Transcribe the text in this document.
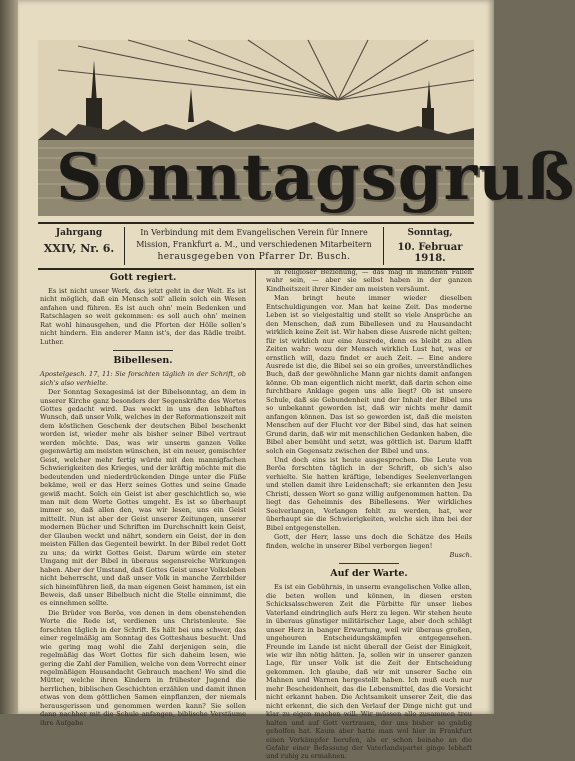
Sonntagsgruß
Jahrgang
XXIV, Nr. 6.
In Verbindung mit dem Evangelischen Verein für Innere
Mission, Frankfurt a. M., und verschiedenen Mitarbeitern
herausgegeben von Pfarrer Dr. Busch.
Sonntag,
10. Februar 1918.
Gott regiert.

Es ist nicht unser Werk, das jetzt geht in der Welt. Es ist nicht möglich, daß ein Mensch soll' allein solch ein Wesen anfahen und führen. Es ist auch ohn' mein Bedenken und Ratschlagen so weit gekommen: es soll auch ohn' meinen Rat wohl hinausgehen, und die Pforten der Hölle sollen's nicht hindern. Ein anderer Mann ist's, der das Rädle treibt. Luther.

Bibellesen.

Apostelgesch. 17, 11: Sie forschten täglich in der Schrift, ob sich's also verhielte.

Der Sonntag Sexagesimä ist der Bibelsonntag, an dem in unserer Kirche ganz besonders der Segenskräfte des Wortes Gottes gedacht wird. Das weckt in uns den lebhaften Wunsch, daß unser Volk, welches in der Reformationszeit mit dem köstlichen Geschenk der deutschen Bibel beschenkt worden ist, wieder mehr als bisher seiner Bibel vertraut werden möchte. Das, was wir unserm ganzen Volke gegenwärtig am meisten wünschen, ist ein neuer, gemischter Geist, welcher mehr fertig würde mit den mannigfachen Schwierigkeiten des Krieges, und der kräftig möchte mit die bedeutenden und niederdrückenden Dinge unter die Füße bekäme, weil er das Herz seines Gottes und seine Gnade gewiß macht. Solch ein Geist ist aber geschichtlich so, wie man mit dem Worte Gottes umgeht. Es ist so überhaupt immer so, daß allen den, was wir lesen, uns ein Geist mitteilt. Nun ist aber der Geist unserer Zeitungen, unserer modernen Bücher und Schriften im Durchschnitt kein Geist, der Glauben weckt und nährt, sondern ein Geist, der in den meisten Fällen das Gegenteil bewirkt. In der Bibel redet Gott zu uns; da wirkt Gottes Geist. Darum würde ein steter Umgang mit der Bibel in überaus segensreiche Wirkungen haben. Aber der Umstand, daß Gottes Geist unser Volksleben nicht beherrscht, und daß unser Volk in manche Zerrbilder sich hineinführen ließ, da man eigenen Geist hammen, ist ein Beweis, daß unser Bibelbuch nicht die Stelle einnimmt, die es einnehmen sollte.

Die Brüder von Beröa, von denen in dem obenstehenden Worte die Rede ist, verdienen uns Christenleute. Sie forschten täglich in der Schrift. Es hält bei uns schwer, das einer regelmäßig am Sonntag des Gotteshaus besucht. Und wie gering mag wohl die Zahl derjenigen sein, die regelmäßig das Wort Gottes für sich daheim lesen, wie gering die Zahl der Familien, welche von dem Vorrecht einer regelmäßigen Hausandacht Gebrauch machen! Wo sind die Mütter, welche ihren Kindern in frühester Jugend die herrlichen, biblischen Geschichten erzählen und damit ihnen etwas von dem göttlichen Samen einpflanzen, der niemals herausgerissen und genommen werden kann? Sie sollen dann nachher mit die Schule anfangen, biblische Verstäume ihre Aufgabe

in religiöser Beziehung, — das mag in manchen Fällen wahr sein, — aber sie selbst haben in der ganzen Kindheitszeit ihrer Kinder am meisten versäumt.

Man bringt heute immer wieder dieselben Entschuldigungen vor. Man hat keine Zeit. Das moderne Leben ist so vielgestaltig und stellt so viele Ansprüche an den Menschen, daß zum Bibellesen und zu Hausandacht wirklich keine Zeit ist. Wir haben diese Ausrede nicht gelten; für ist wirklich nur eine Ausrede, denn es bleibt zu allen Zeiten wahr: wozu der Mensch wirklich Lust hat, was er ernstlich will, dazu findet er auch Zeit. — Eine andere Ausrede ist die, die Bibel sei so ein großes, unverständliches Buch, daß der gewöhnliche Mann gar nichts damit anfangen könne. Ob man eigentlich nicht merkt, daß darin schon eine furchtbare Anklage gegen uns alle liegt? Ob ist unsere Schule, daß sie Gebundenheit und der Inhalt der Bibel uns so unbekannt geworden ist, daß wir nichts mehr damit anfangen können. Das ist so geworden ist, daß die meisten Menschen auf der Flucht vor der Bibel sind, das hat seinen Grund darin, daß wir mit menschlichen Gedanken haben, die Bibel aber bemüht und setzt, was göttlich ist. Darum klafft solch ein Gegensatz zwischen der Bibel und uns.

Und doch eins ist heute ausgesprochen. Die Leute von Beröa forschten täglich in der Schrift, ob sich's also verhielte. Sie hatten kräftige, lebendiges Seelenverlangen und stellen damit ihre Leidenschaft; sie erkannten den Jesu Christi, dessen Wort so ganz willig aufgenommen hatten. Da liegt das Geheimnis des Bibellesens. Wer wirkliches Seelverlangen, Verlangen fehlt zu werden, hat, wer überhaupt sie die Schwierigkeiten, welche sich ihm bei der Bibel entgegenstellen.

Gott, der Herr, lasse uns doch die Schätze des Heils finden, welche in unserer Bibel verborgen liegen!

Busch.

Auf der Warte.

Es ist ein Gebührnis, in unserm evangelischen Volke allen, die beten wollen und können, in diesen ersten Schicksalsschweren Zeit die Fürbitte für unser liebes Vaterland eindringlich aufs Herz zu legen. Wir stehen heute in überaus günstiger militärischer Lage, aber doch schlägt unser Herz in banger Erwartung, weil wir überaus großen, ungeheuren Entscheidungskämpfen entgegensehen. Freunde im Lande ist nicht überall der Geist der Einigkeit, wie wir ihn nötig hätten. Ja, sollen wir in unserer ganzen Lage, für unser Volk ist die Zeit der Entscheidung gekommen. Ich glaube, daß wir mit unserer Sache ein Mahnen und Warnen hergestellt haben. Ich muß euch nur mehr Bescheidenheit, das die Lebensmittel, das die Vorsicht nicht erkannt haben. Die Achtsamkeit unserer Zeit, die das nicht erkennt, die sich den Verlauf der Dinge nicht gut und klar zu eigen machen will. Wir müssen alle zusammen treu halten und auf Gott vertrauen, der uns bisher so gnädig geholfen hat. Kaum aber hatte man wol hier in Frankfurt einen Vorkämpfer berufen, als er schon beinahe an die Gefahr einer Befassung der Vaterlandspartei ginge lebhaft und ruhig zu ermahnen.
